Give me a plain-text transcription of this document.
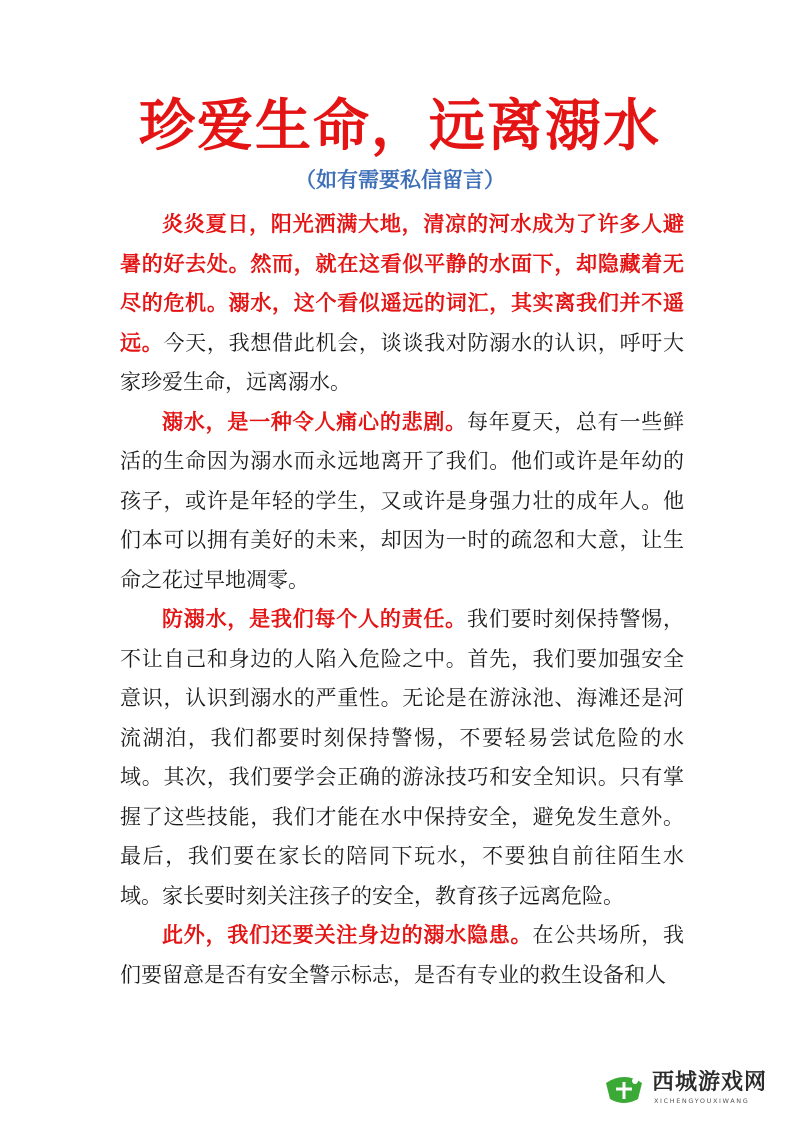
珍爱生命，远离溺水
（如有需要私信留言）

炎炎夏日，阳光洒满大地，清凉的河水成为了许多人避暑的好去处。然而，就在这看似平静的水面下，却隐藏着无尽的危机。溺水，这个看似遥远的词汇，其实离我们并不遥远。今天，我想借此机会，谈谈我对防溺水的认识，呼吁大家珍爱生命，远离溺水。

溺水，是一种令人痛心的悲剧。每年夏天，总有一些鲜活的生命因为溺水而永远地离开了我们。他们或许是年幼的孩子，或许是年轻的学生，又或许是身强力壮的成年人。他们本可以拥有美好的未来，却因为一时的疏忽和大意，让生命之花过早地凋零。

防溺水，是我们每个人的责任。我们要时刻保持警惕，不让自己和身边的人陷入危险之中。首先，我们要加强安全意识，认识到溺水的严重性。无论是在游泳池、海滩还是河流湖泊，我们都要时刻保持警惕，不要轻易尝试危险的水域。其次，我们要学会正确的游泳技巧和安全知识。只有掌握了这些技能，我们才能在水中保持安全，避免发生意外。最后，我们要在家长的陪同下玩水，不要独自前往陌生水域。家长要时刻关注孩子的安全，教育孩子远离危险。

此外，我们还要关注身边的溺水隐患。在公共场所，我们要留意是否有安全警示标志，是否有专业的救生设备和人

西城游戏网
XICHENGYOUXIWANG
